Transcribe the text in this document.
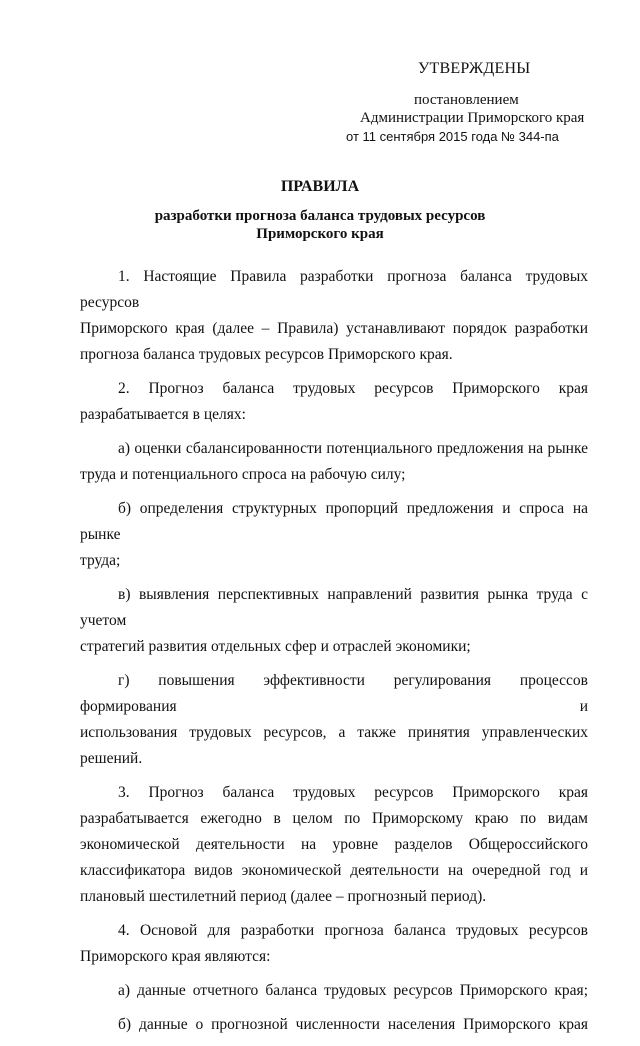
УТВЕРЖДЕНЫ
постановлением
Администрации Приморского края
от 11 сентября 2015 года № 344-па
ПРАВИЛА
разработки прогноза баланса трудовых ресурсов
Приморского края
1. Настоящие Правила разработки прогноза баланса трудовых ресурсов
Приморского края (далее – Правила) устанавливают порядок разработки
прогноза баланса трудовых ресурсов Приморского края.
2. Прогноз баланса трудовых ресурсов Приморского края
разрабатывается в целях:
а) оценки сбалансированности потенциального предложения на рынке
труда и потенциального спроса на рабочую силу;
б) определения структурных пропорций предложения и спроса на рынке
труда;
в) выявления перспективных направлений развития рынка труда с учетом
стратегий развития отдельных сфер и отраслей экономики;
г) повышения эффективности регулирования процессов формирования и
использования трудовых ресурсов, а также принятия управленческих решений.
3. Прогноз баланса трудовых ресурсов Приморского края
разрабатывается ежегодно в целом по Приморскому краю по видам
экономической деятельности на уровне разделов Общероссийского
классификатора видов экономической деятельности на очередной год и
плановый шестилетний период (далее – прогнозный период).
4. Основой для разработки прогноза баланса трудовых ресурсов
Приморского края являются:
а) данные отчетного баланса трудовых ресурсов Приморского края;
б) данные о прогнозной численности населения Приморского края
